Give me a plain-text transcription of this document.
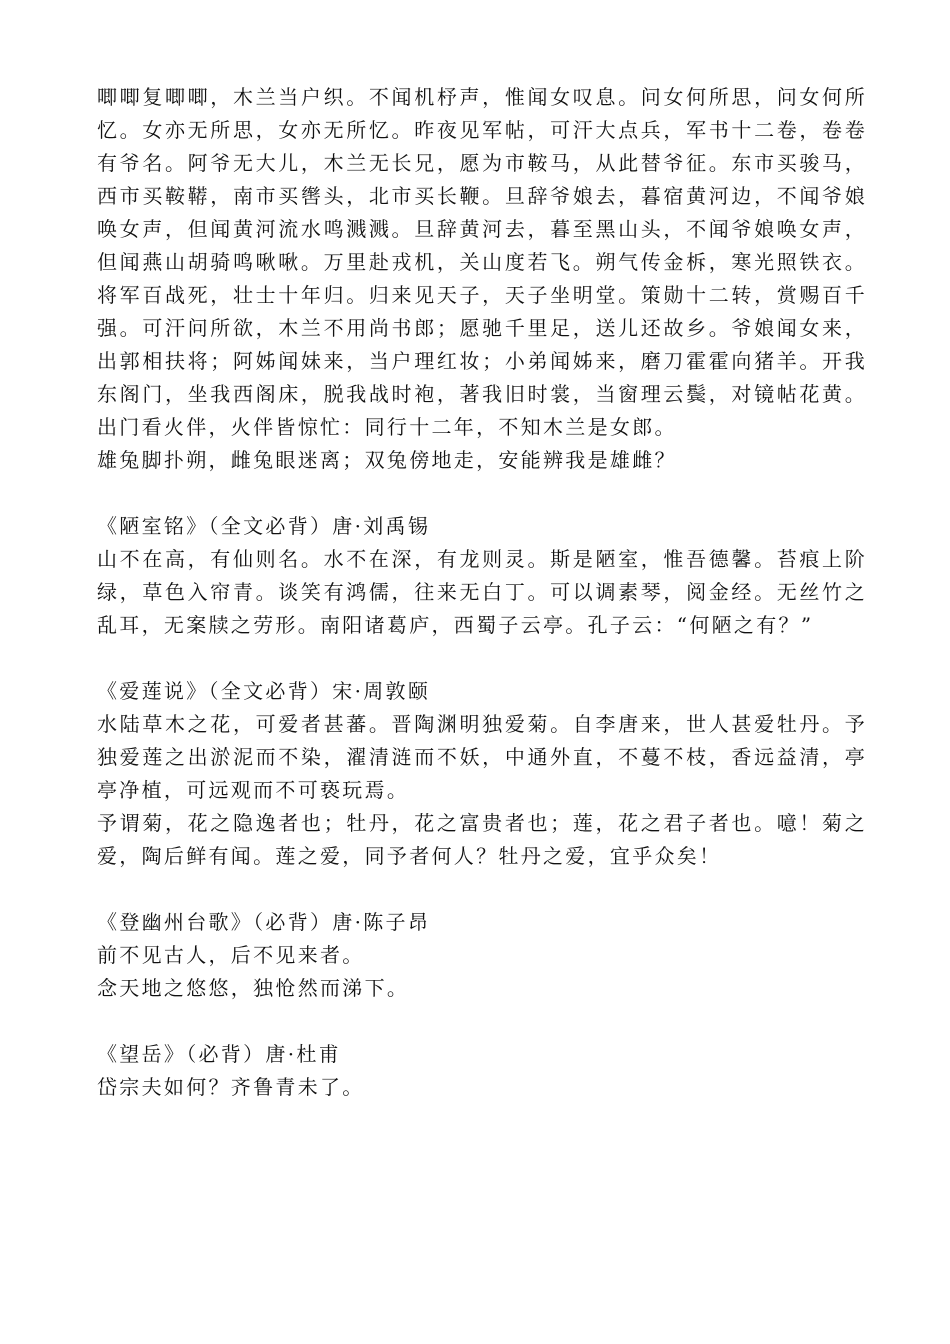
唧唧复唧唧，木兰当户织。不闻机杼声，惟闻女叹息。问女何所思，问女何所忆。女亦无所思，女亦无所忆。昨夜见军帖，可汗大点兵，军书十二卷，卷卷有爷名。阿爷无大儿，木兰无长兄，愿为市鞍马，从此替爷征。东市买骏马，西市买鞍鞯，南市买辔头，北市买长鞭。旦辞爷娘去，暮宿黄河边，不闻爷娘唤女声，但闻黄河流水鸣溅溅。旦辞黄河去，暮至黑山头，不闻爷娘唤女声，但闻燕山胡骑鸣啾啾。万里赴戎机，关山度若飞。朔气传金柝，寒光照铁衣。将军百战死，壮士十年归。归来见天子，天子坐明堂。策勋十二转，赏赐百千强。可汗问所欲，木兰不用尚书郎；愿驰千里足，送儿还故乡。爷娘闻女来，出郭相扶将；阿姊闻妹来，当户理红妆；小弟闻姊来，磨刀霍霍向猪羊。开我东阁门，坐我西阁床，脱我战时袍，著我旧时裳，当窗理云鬓，对镜帖花黄。出门看火伴，火伴皆惊忙：同行十二年，不知木兰是女郎。

雄兔脚扑朔，雌兔眼迷离；双兔傍地走，安能辨我是雄雌？

《陋室铭》（全文必背）唐·刘禹锡

山不在高，有仙则名。水不在深，有龙则灵。斯是陋室，惟吾德馨。苔痕上阶绿，草色入帘青。谈笑有鸿儒，往来无白丁。可以调素琴，阅金经。无丝竹之乱耳，无案牍之劳形。南阳诸葛庐，西蜀子云亭。孔子云：“何陋之有？”

《爱莲说》（全文必背）宋·周敦颐

水陆草木之花，可爱者甚蕃。晋陶渊明独爱菊。自李唐来，世人甚爱牡丹。予独爱莲之出淤泥而不染，濯清涟而不妖，中通外直，不蔓不枝，香远益清，亭亭净植，可远观而不可亵玩焉。

予谓菊，花之隐逸者也；牡丹，花之富贵者也；莲，花之君子者也。噫！菊之爱，陶后鲜有闻。莲之爱，同予者何人？牡丹之爱，宜乎众矣！

《登幽州台歌》（必背）唐·陈子昂

前不见古人，后不见来者。

念天地之悠悠，独怆然而涕下。

《望岳》（必背）唐·杜甫

岱宗夫如何？齐鲁青未了。
